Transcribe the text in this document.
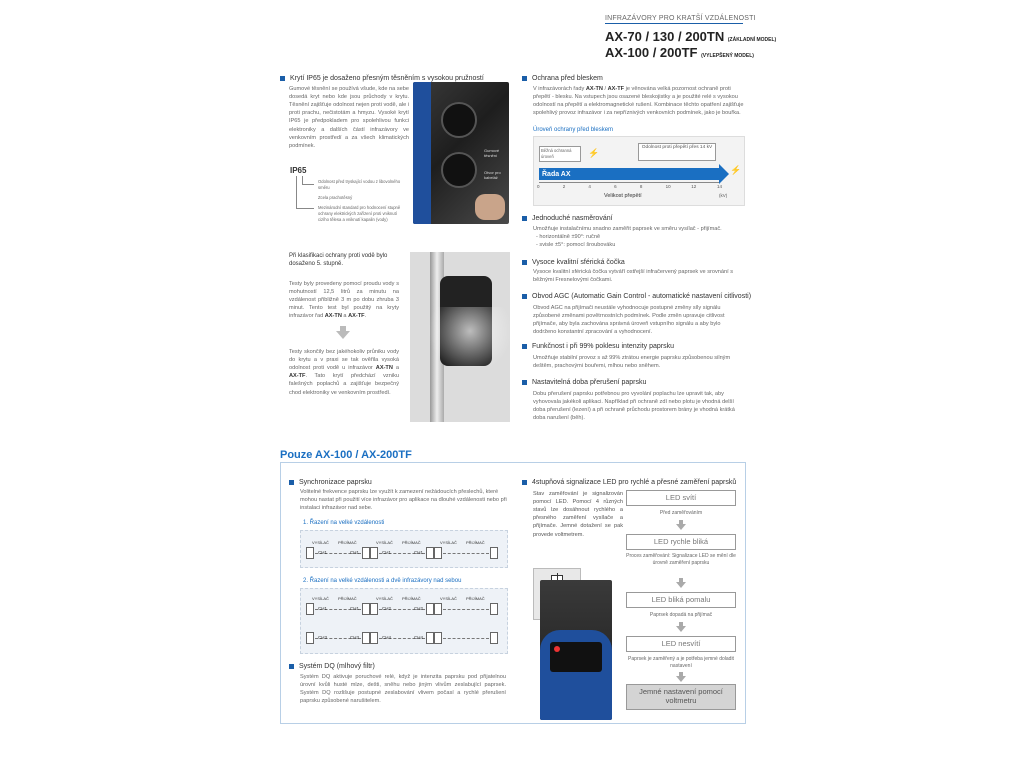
INFRAZÁVORY PRO KRATŠÍ VZDÁLENOSTI
AX-70 / 130 / 200TN (ZÁKLADNÍ MODEL)
AX-100 / 200TF (VYLEPŠENÝ MODEL)
Krytí IP65 je dosaženo přesným těsněním s vysokou pružností
Gumové těsnění se používá všude, kde na sebe dosedá kryt nebo kde jsou průchody v krytu. Těsnění zajišťuje odolnost nejen proti vodě, ale i proti prachu, nečistotám a hmyzu. Vysoké krytí IP65 je předpokladem pro spolehlivou funkci elektroniky a dalších částí infrazávory ve venkovním prostředí a za všech klimatických podmínek.
Gumové těsnění
Otvor pro kabeláž
IP65
Odolnost před tryskající vodou z libovolného směru
Zcela prachotěsný
Mezinárodní standard pro hodnocení stupně ochrany elektrických zařízení proti vniknutí cizího tělesa a vniknutí kapalin (vody)
Při klasifikaci ochrany proti vodě bylo dosaženo 5. stupně.
Testy byly provedeny pomocí proudu vody s mohutností 12,5 litrů za minutu na vzdálenost přibližně 3 m po dobu zhruba 3 minut. Tento test byl použitý na kryty infrazávor řad AX-TN a AX-TF.
Testy skončily bez jakéhokoliv průniku vody do krytu a v praxi se tak ověřila vysoká odolnost proti vodě u infrazávor AX-TN a AX-TF. Tato krytí předchází vzniku falešných poplachů a zajišťuje bezpečný chod elektroniky ve venkovním prostředí.
Ochrana před bleskem
V infrazávorách řady AX-TN / AX-TF je věnována velká pozornost ochraně proti přepětí - blesku. Na vstupech jsou osazené bleskojistky a je použité relé s vysokou odolností na přepětí a elektromagnetické rušení. Kombinace těchto opatření zajišťuje spolehlivý provoz infrazávor i za nepříznivých venkovních podmínek, jako je bouřka.
Úroveň ochrany před bleskem
Běžná ochranná úroveň	⚡
Odolnost proti přepětí přes 14 kV
Řada AX	⚡
0	2	4	6	8	10	12	14
Velikost přepětí	(kV)
Jednoduché nasměrování
Umožňuje instalačnímu snadno zaměřit paprsek ve směru vysílač - přijímač.
- horizontálně ±90°: ručně
- svisle ±5°: pomocí šroubováku
Vysoce kvalitní sférická čočka
Vysoce kvalitní sférická čočka vytváří ostřejší infračervený paprsek ve srovnání s běžnými Fresnelovými čočkami.
Obvod AGC (Automatic Gain Control - automatické nastavení citlivosti)
Obvod AGC na přijímači neustále vyhodnocuje postupné změny síly signálu způsobené změnami povětrnostních podmínek. Podle změn upravuje citlivost přijímače, aby byla zachována správná úroveň vstupního signálu a aby bylo dodrženo konstantní zpracování a vyhodnocení.
Funkčnost i při 99% poklesu intenzity paprsku
Umožňuje stabilní provoz s až 99% ztrátou energie paprsku způsobenou silným deštěm, prachovými bouřemi, mlhou nebo sněhem.
Nastavitelná doba přerušení paprsku
Dobu přerušení paprsku potřebnou pro vyvolání poplachu lze upravit tak, aby vyhovovala jakékoli aplikaci. Například při ochraně zdí nebo plotu je vhodná delší doba přerušení (lezení) a při ochraně průchodu prostorem brány je vhodná krátká doba narušení (běh).
Pouze AX-100 / AX-200TF
Synchronizace paprsku
Volitelné frekvence paprsku lze využít k zamezení nežádoucích přeslechů, které mohou nastat při použití více infrazávor pro aplikace na dlouhé vzdálenosti nebo při instalaci infrazávor nad sebe.
1. Řazení na velké vzdálenosti
2. Řazení na velké vzdálenosti a dvě infrazávory nad sebou
VYSÍLAČ PŘIJÍMAČ	VYSÍLAČ PŘIJÍMAČ	VYSÍLAČ PŘIJÍMAČ
CH1	CH1	CH1	CH1
VYSÍLAČ PŘIJÍMAČ	VYSÍLAČ PŘIJÍMAČ	VYSÍLAČ PŘIJÍMAČ
CH1	CH1	CH2	CH2
CH3	CH3	CH4	CH4
Systém DQ (mlhový filtr)
Systém DQ aktivuje poruchové relé, když je intenzita paprsku pod přijatelnou úrovní kvůli husté mlze, dešti, sněhu nebo jiným vlivům zeslabující paprsek. Systém DQ rozlišuje postupné zeslabování vlivem počasí a rychlé přerušení paprsku způsobené narušitelem.
4stupňová signalizace LED pro rychlé a přesné zaměření paprsků
Stav zaměřování je signalizován pomocí LED. Pomocí 4 různých stavů lze dosáhnout rychlého a přesného zaměření vysílače a přijímače. Jemné dotažení se pak provede voltmetrem.
LED svítí
Před zaměřováním
LED rychle bliká
Proces zaměřování: Signalizace LED se mění dle úrovně zaměření paprsku
LED bliká pomalu
Paprsek dopadá na přijímač
LED nesvítí
Paprsek je zaměřený a je potřeba jemné doladit nastavení
Jemné nastavení pomocí voltmetru
